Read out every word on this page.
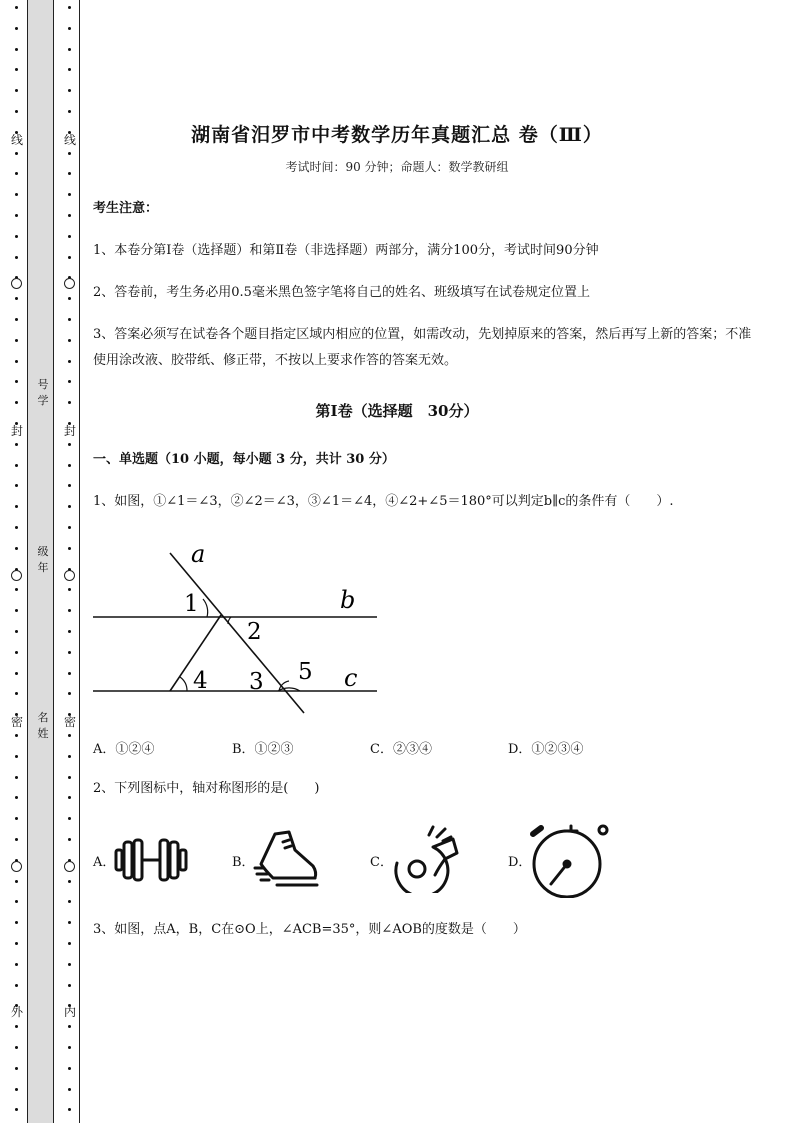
线
封
密
外
线
封
密
内
号
学
级
年
名
姓
湖南省汨罗市中考数学历年真题汇总 卷（Ⅲ）
考试时间：90 分钟；命题人：数学教研组
考生注意：
1、本卷分第Ⅰ卷（选择题）和第Ⅱ卷（非选择题）两部分，满分100分，考试时间90分钟
2、答卷前，考生务必用0.5毫米黑色签字笔将自己的姓名、班级填写在试卷规定位置上
3、答案必须写在试卷各个题目指定区域内相应的位置，如需改动，先划掉原来的答案，然后再写上新的答案；不准使用涂改液、胶带纸、修正带，不按以上要求作答的答案无效。
第Ⅰ卷（选择题　30分）
一、单选题（10 小题，每小题 3 分，共计 30 分）
1、如图，①∠1＝∠3，②∠2＝∠3，③∠1＝∠4，④∠2+∠5＝180°可以判定b∥c的条件有（　　）.
a
b
c
1
2
3
4	5
A．①②④	B．①②③	C．②③④	D．①②③④
2、下列图标中，轴对称图形的是(　　)
A．	B．	C．	D．
3、如图，点A，B，C在⊙O上，∠ACB=35°，则∠AOB的度数是（　　）
